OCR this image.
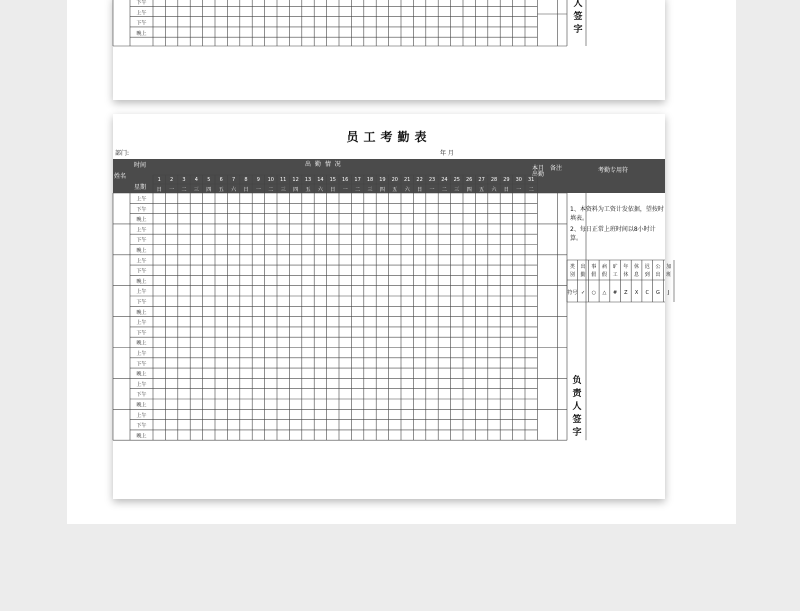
下午
上午
下午
晚上
人签字
员工考勤表
部门:	年 月
姓名
时间
星期
出 勤 情 况
本月出勤
备注	考勤专用符
1
日
2
一
3
二
4
三
5
四
6
五
7
六
8
日
9
一
10
二
11
三
12
四
13
五
14
六
15
日
16
一
17
二
18
三
19
四
20
五
21
六
22
日
23
一
24
二
25
三
26
四
27
五
28
六
29
日
30
一
31
二
上午
下午
晚上
上午
下午
晚上
上午
下午
晚上
上午
下午
晚上
上午
下午
晚上
上午
下午
晚上
上午
下午
晚上
上午
下午
晚上
类
别
符号
出
勤
✓
事
假
○
病
假
△
旷
工
#
年
休
Z
休
息
X
迟
到
C
公
出
G
加
班
J
1、本资料为工资计发依据，望按时填表。
2、每日正常上班时间以8小时计算。
负责人签字
